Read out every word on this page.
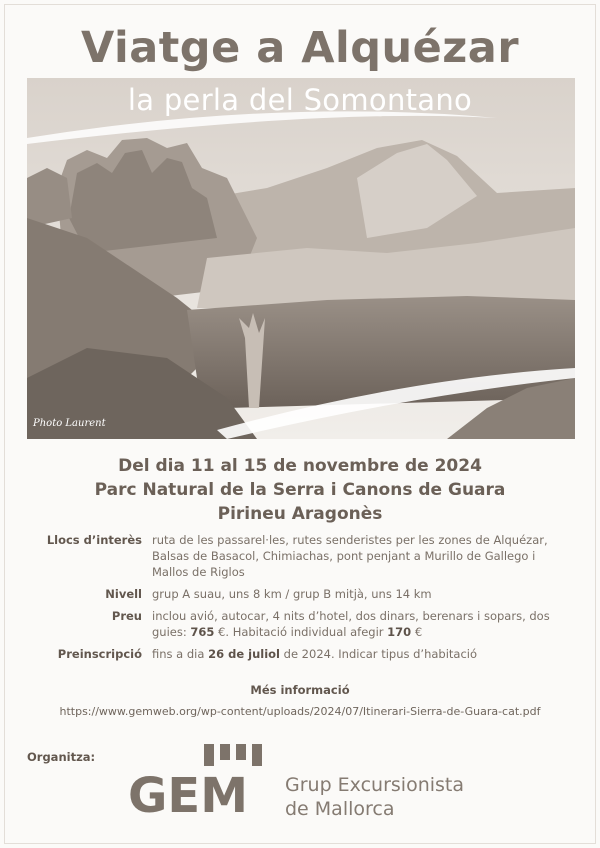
Viatge a Alquézar
la perla del Somontano
Photo Laurent
Del dia 11 al 15 de novembre de 2024
Parc Natural de la Serra i Canons de Guara
Pirineu Aragonès
Llocs d’interès ruta de les passarel·les, rutes senderistes per les zones de Alquézar, Balsas de Basacol, Chimiachas, pont penjant a Murillo de Gallego i Mallos de Riglos
Nivell grup A suau, uns 8 km / grup B mitjà, uns 14 km
Preu inclou avió, autocar, 4 nits d’hotel, dos dinars, berenars i sopars, dos guies: 765 €. Habitació individual afegir 170 €
Preinscripció fins a dia 26 de juliol de 2024. Indicar tipus d’habitació
Més informació
https://www.gemweb.org/wp-content/uploads/2024/07/Itinerari-Sierra-de-Guara-cat.pdf
Organitza:
GEM Grup Excursionista
de Mallorca
